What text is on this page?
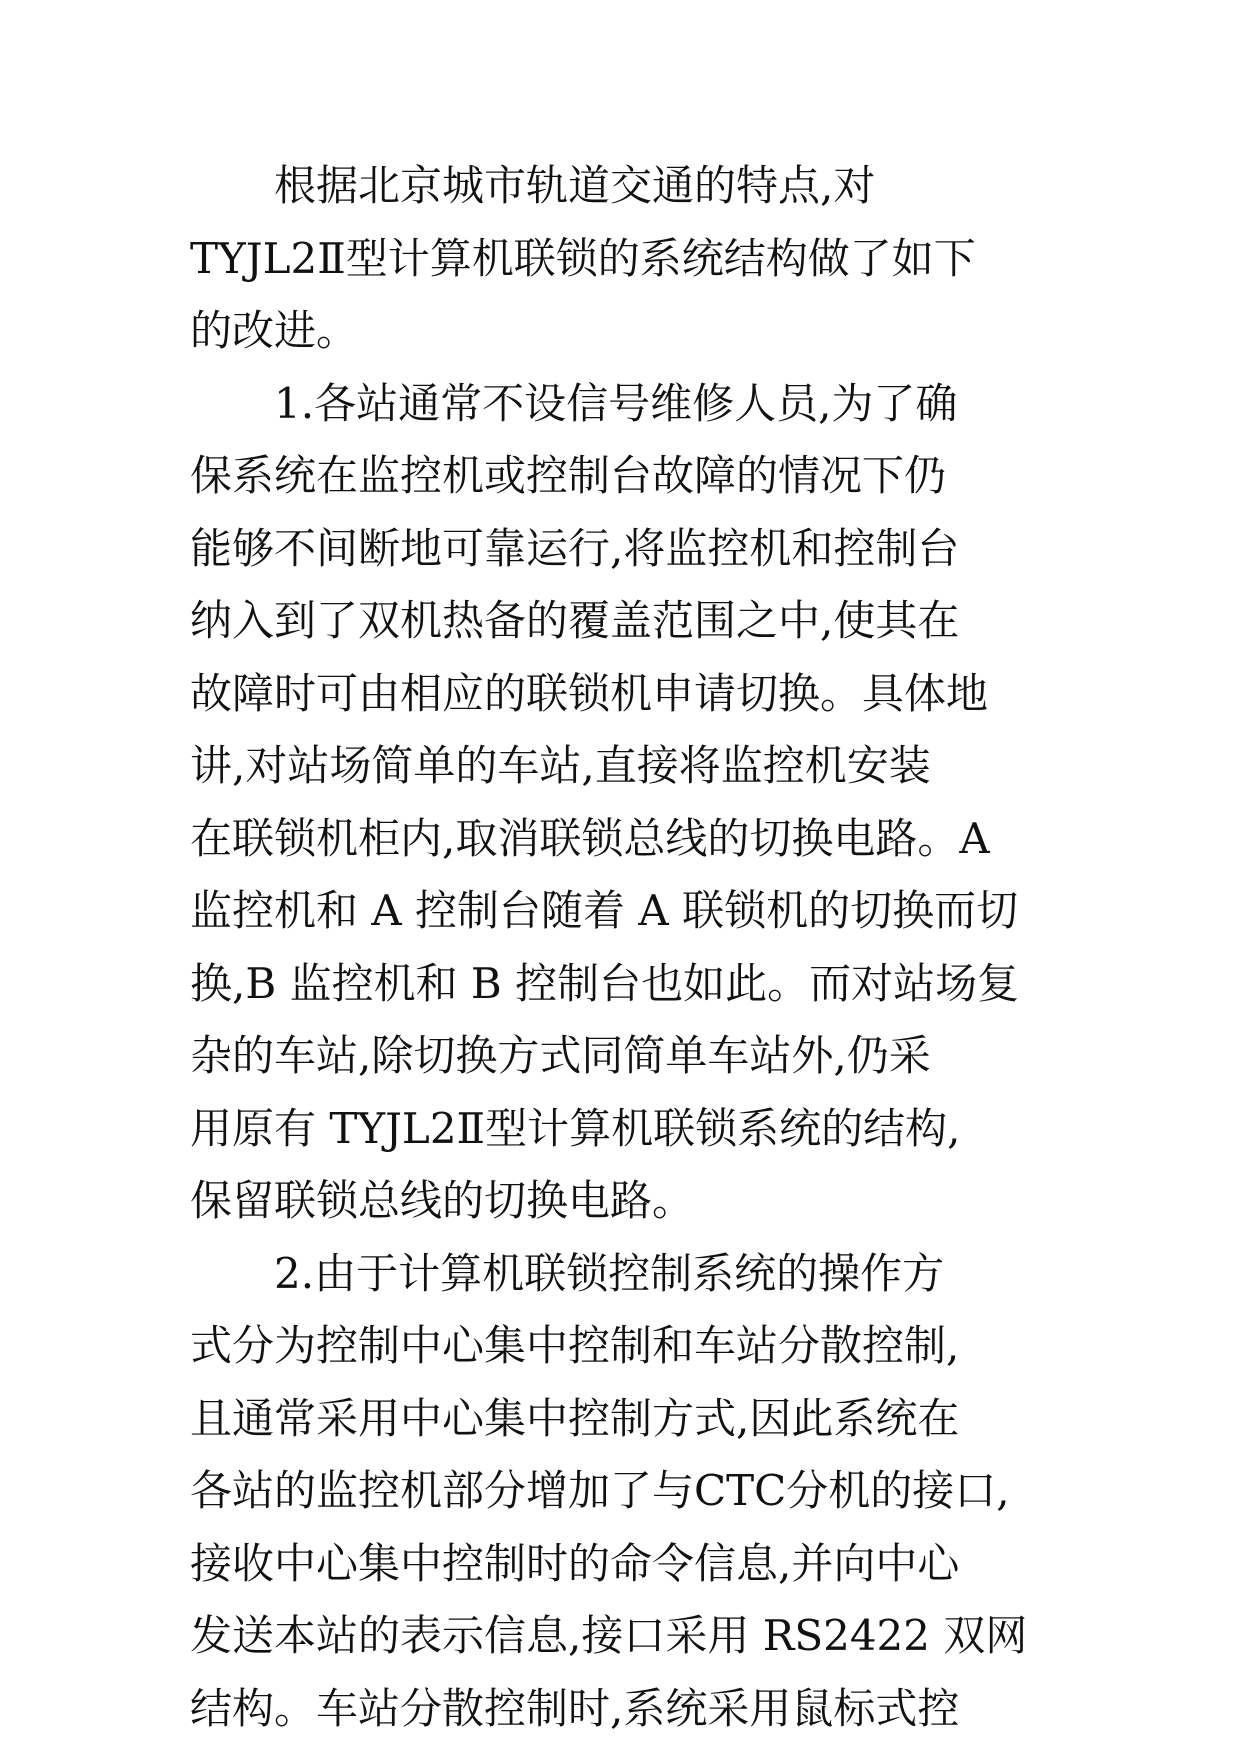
根据北京城市轨道交通的特点,对
TYJL2Ⅱ型计算机联锁的系统结构做了如下
的改进。
1.各站通常不设信号维修人员,为了确
保系统在监控机或控制台故障的情况下仍
能够不间断地可靠运行,将监控机和控制台
纳入到了双机热备的覆盖范围之中,使其在
故障时可由相应的联锁机申请切换。具体地
讲,对站场简单的车站,直接将监控机安装
在联锁机柜内,取消联锁总线的切换电路。A
监控机和 A 控制台随着 A 联锁机的切换而切
换,B 监控机和 B 控制台也如此。而对站场复
杂的车站,除切换方式同简单车站外,仍采
用原有 TYJL2Ⅱ型计算机联锁系统的结构,
保留联锁总线的切换电路。
2.由于计算机联锁控制系统的操作方
式分为控制中心集中控制和车站分散控制,
且通常采用中心集中控制方式,因此系统在
各站的监控机部分增加了与CTC分机的接口,
接收中心集中控制时的命令信息,并向中心
发送本站的表示信息,接口采用 RS2422 双网
结构。车站分散控制时,系统采用鼠标式控
